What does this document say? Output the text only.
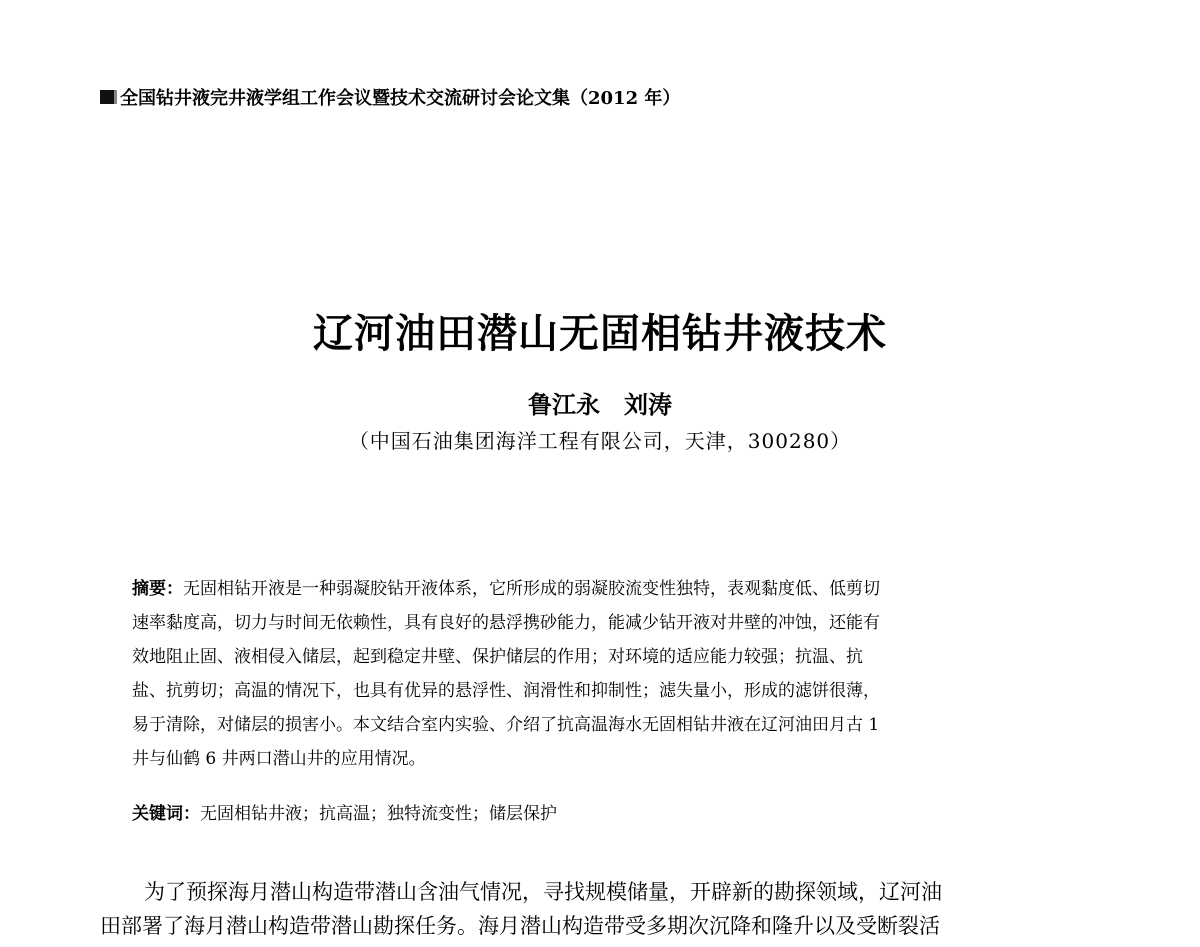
全国钻井液完井液学组工作会议暨技术交流研讨会论文集（2012 年）
辽河油田潜山无固相钻井液技术
鲁江永　刘涛
（中国石油集团海洋工程有限公司，天津，300280）
摘要：无固相钻开液是一种弱凝胶钻开液体系，它所形成的弱凝胶流变性独特，表观黏度低、低剪切
速率黏度高，切力与时间无依赖性，具有良好的悬浮携砂能力，能减少钻开液对井壁的冲蚀，还能有
效地阻止固、液相侵入储层，起到稳定井壁、保护储层的作用；对环境的适应能力较强；抗温、抗
盐、抗剪切；高温的情况下，也具有优异的悬浮性、润滑性和抑制性；滤失量小，形成的滤饼很薄，
易于清除，对储层的损害小。本文结合室内实验、介绍了抗高温海水无固相钻井液在辽河油田月古 1
井与仙鹤 6 井两口潜山井的应用情况。
关键词：无固相钻井液；抗高温；独特流变性；储层保护
为了预探海月潜山构造带潜山含油气情况，寻找规模储量，开辟新的勘探领域，辽河油
田部署了海月潜山构造带潜山勘探任务。海月潜山构造带受多期次沉降和隆升以及受断裂活
